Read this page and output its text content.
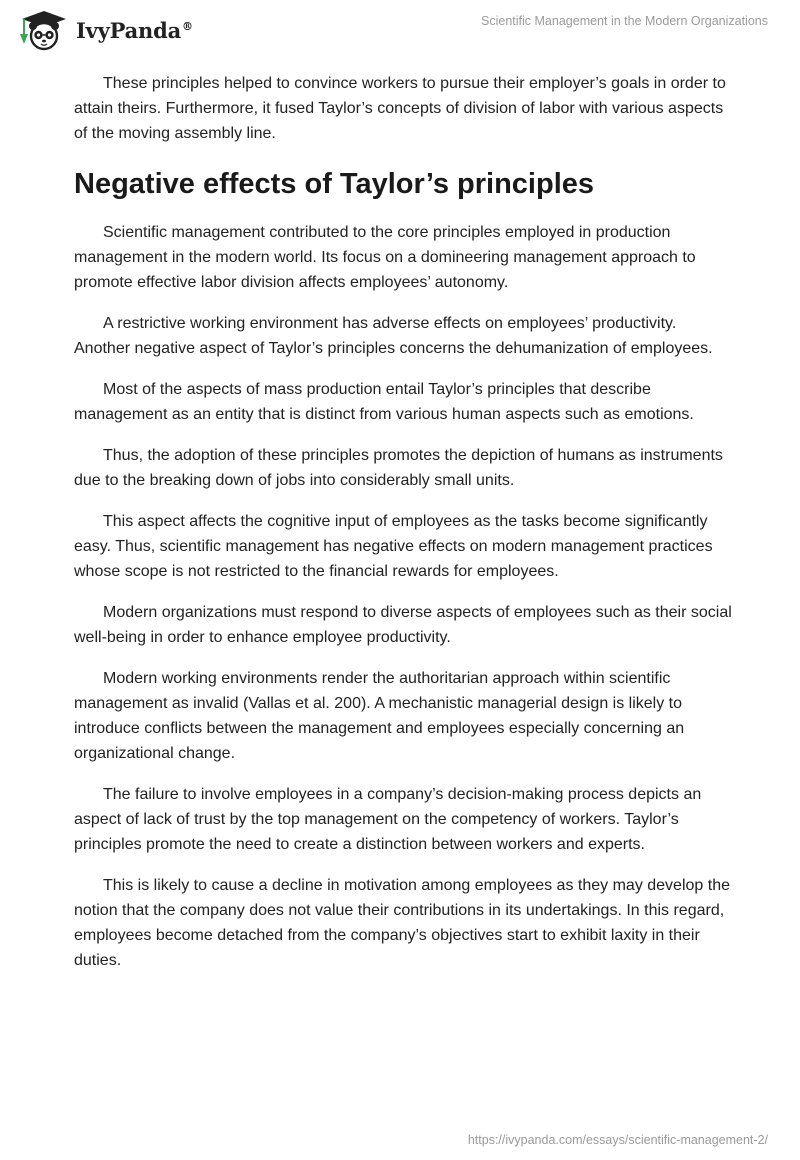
IvyPanda®	Scientific Management in the Modern Organizations

These principles helped to convince workers to pursue their employer’s goals in order to attain theirs. Furthermore, it fused Taylor’s concepts of division of labor with various aspects of the moving assembly line.

Negative effects of Taylor’s principles

Scientific management contributed to the core principles employed in production management in the modern world. Its focus on a domineering management approach to promote effective labor division affects employees’ autonomy.

A restrictive working environment has adverse effects on employees’ productivity. Another negative aspect of Taylor’s principles concerns the dehumanization of employees.

Most of the aspects of mass production entail Taylor’s principles that describe management as an entity that is distinct from various human aspects such as emotions.

Thus, the adoption of these principles promotes the depiction of humans as instruments due to the breaking down of jobs into considerably small units.

This aspect affects the cognitive input of employees as the tasks become significantly easy. Thus, scientific management has negative effects on modern management practices whose scope is not restricted to the financial rewards for employees.

Modern organizations must respond to diverse aspects of employees such as their social well-being in order to enhance employee productivity.

Modern working environments render the authoritarian approach within scientific management as invalid (Vallas et al. 200). A mechanistic managerial design is likely to introduce conflicts between the management and employees especially concerning an organizational change.

The failure to involve employees in a company’s decision-making process depicts an aspect of lack of trust by the top management on the competency of workers. Taylor’s principles promote the need to create a distinction between workers and experts.

This is likely to cause a decline in motivation among employees as they may develop the notion that the company does not value their contributions in its undertakings. In this regard, employees become detached from the company’s objectives start to exhibit laxity in their duties.

https://ivypanda.com/essays/scientific-management-2/
